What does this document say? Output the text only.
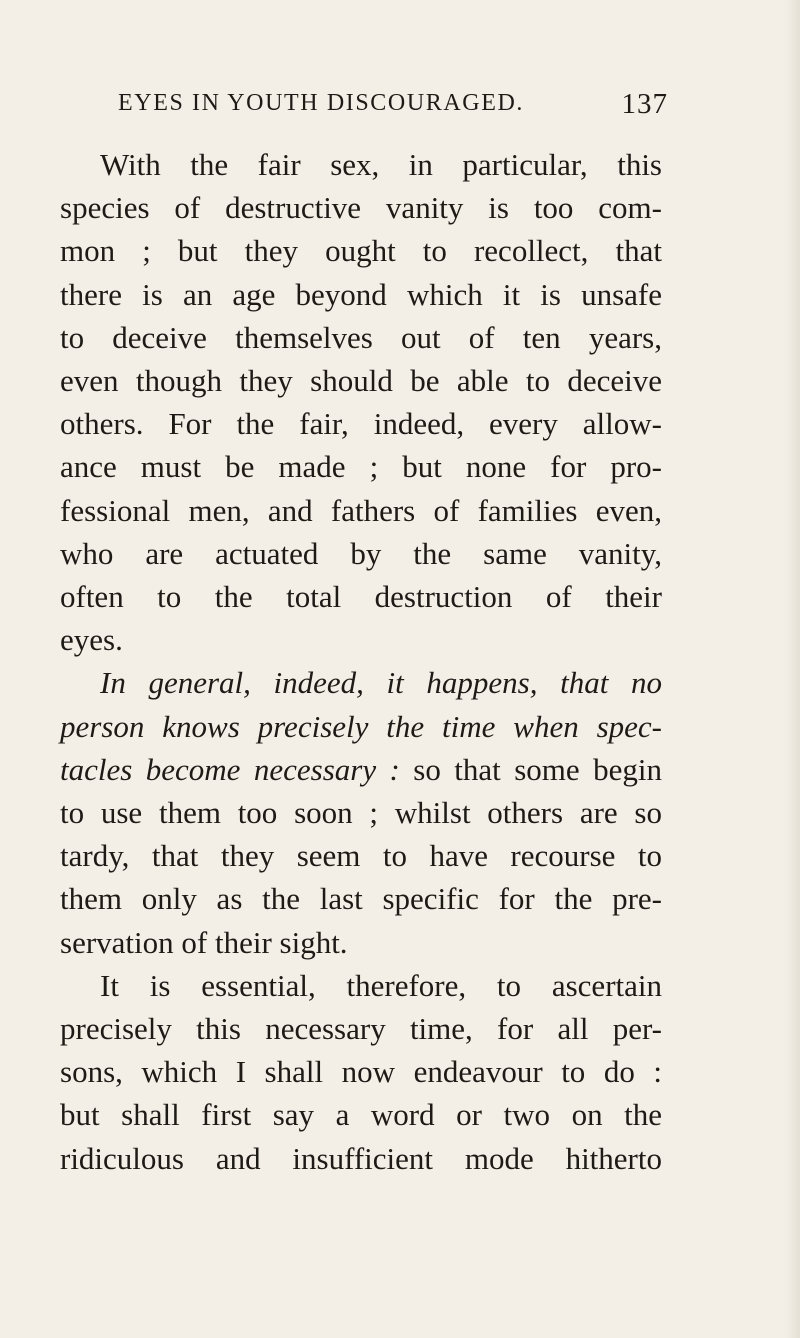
EYES IN YOUTH DISCOURAGED.	137
With the fair sex, in particular, this
species of destructive vanity is too com-
mon ; but they ought to recollect, that
there is an age beyond which it is unsafe
to deceive themselves out of ten years,
even though they should be able to deceive
others. For the fair, indeed, every allow-
ance must be made ; but none for pro-
fessional men, and fathers of families even,
who are actuated by the same vanity,
often to the total destruction of their
eyes.
In general, indeed, it happens, that no
person knows precisely the time when spec-
tacles become necessary : so that some begin
to use them too soon ; whilst others are so
tardy, that they seem to have recourse to
them only as the last specific for the pre-
servation of their sight.
It is essential, therefore, to ascertain
precisely this necessary time, for all per-
sons, which I shall now endeavour to do :
but shall first say a word or two on the
ridiculous and insufficient mode hitherto
